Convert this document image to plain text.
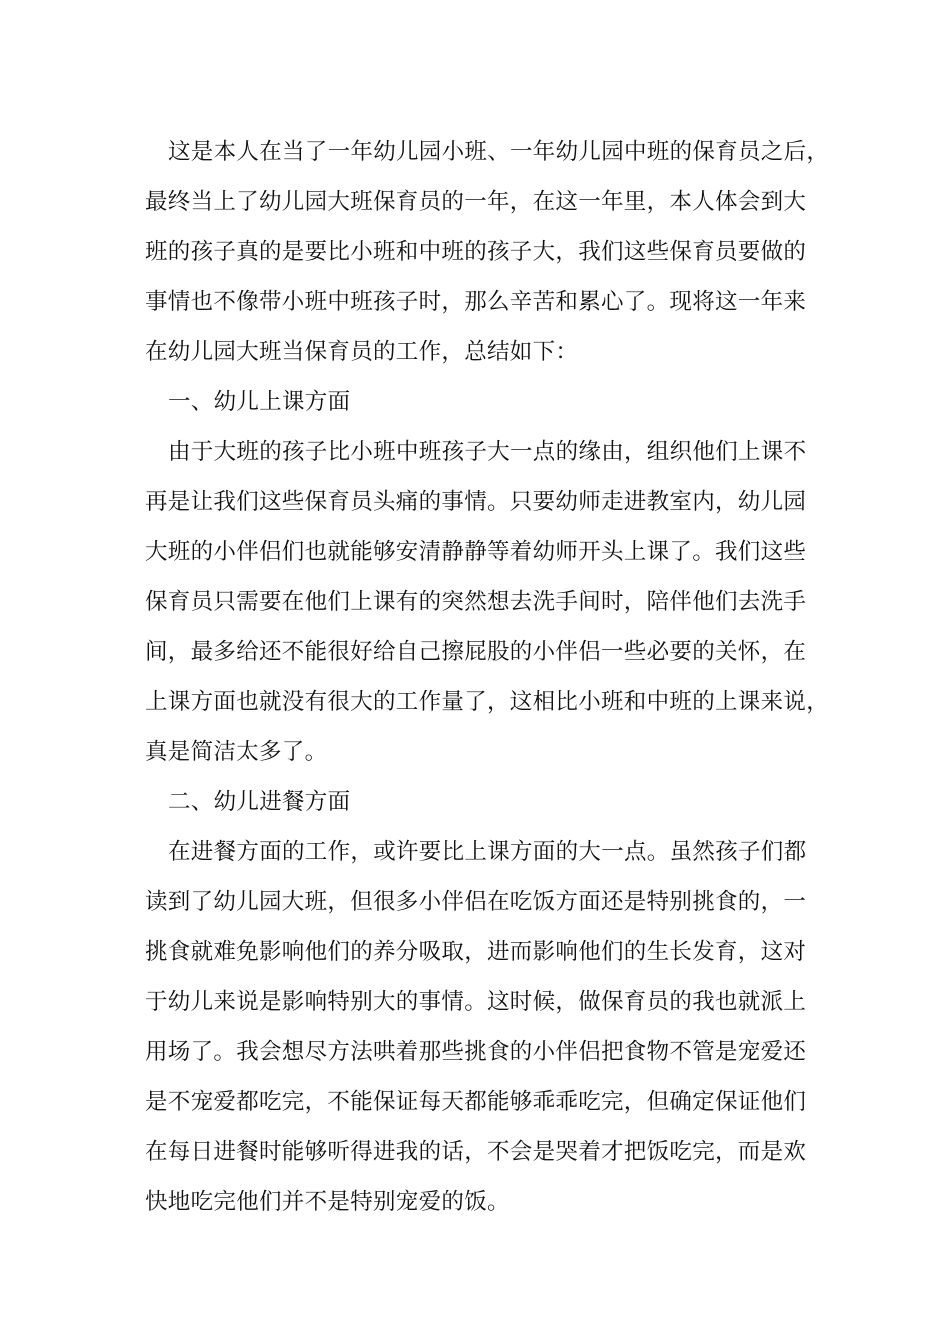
这是本人在当了一年幼儿园小班、一年幼儿园中班的保育员之后，
最终当上了幼儿园大班保育员的一年，在这一年里，本人体会到大
班的孩子真的是要比小班和中班的孩子大，我们这些保育员要做的
事情也不像带小班中班孩子时，那么辛苦和累心了。现将这一年来
在幼儿园大班当保育员的工作，总结如下：
一、幼儿上课方面
由于大班的孩子比小班中班孩子大一点的缘由，组织他们上课不
再是让我们这些保育员头痛的事情。只要幼师走进教室内，幼儿园
大班的小伴侣们也就能够安清静静等着幼师开头上课了。我们这些
保育员只需要在他们上课有的突然想去洗手间时，陪伴他们去洗手
间，最多给还不能很好给自己擦屁股的小伴侣一些必要的关怀，在
上课方面也就没有很大的工作量了，这相比小班和中班的上课来说，
真是简洁太多了。
二、幼儿进餐方面
在进餐方面的工作，或许要比上课方面的大一点。虽然孩子们都
读到了幼儿园大班，但很多小伴侣在吃饭方面还是特别挑食的，一
挑食就难免影响他们的养分吸取，进而影响他们的生长发育，这对
于幼儿来说是影响特别大的事情。这时候，做保育员的我也就派上
用场了。我会想尽方法哄着那些挑食的小伴侣把食物不管是宠爱还
是不宠爱都吃完，不能保证每天都能够乖乖吃完，但确定保证他们
在每日进餐时能够听得进我的话，不会是哭着才把饭吃完，而是欢
快地吃完他们并不是特别宠爱的饭。
